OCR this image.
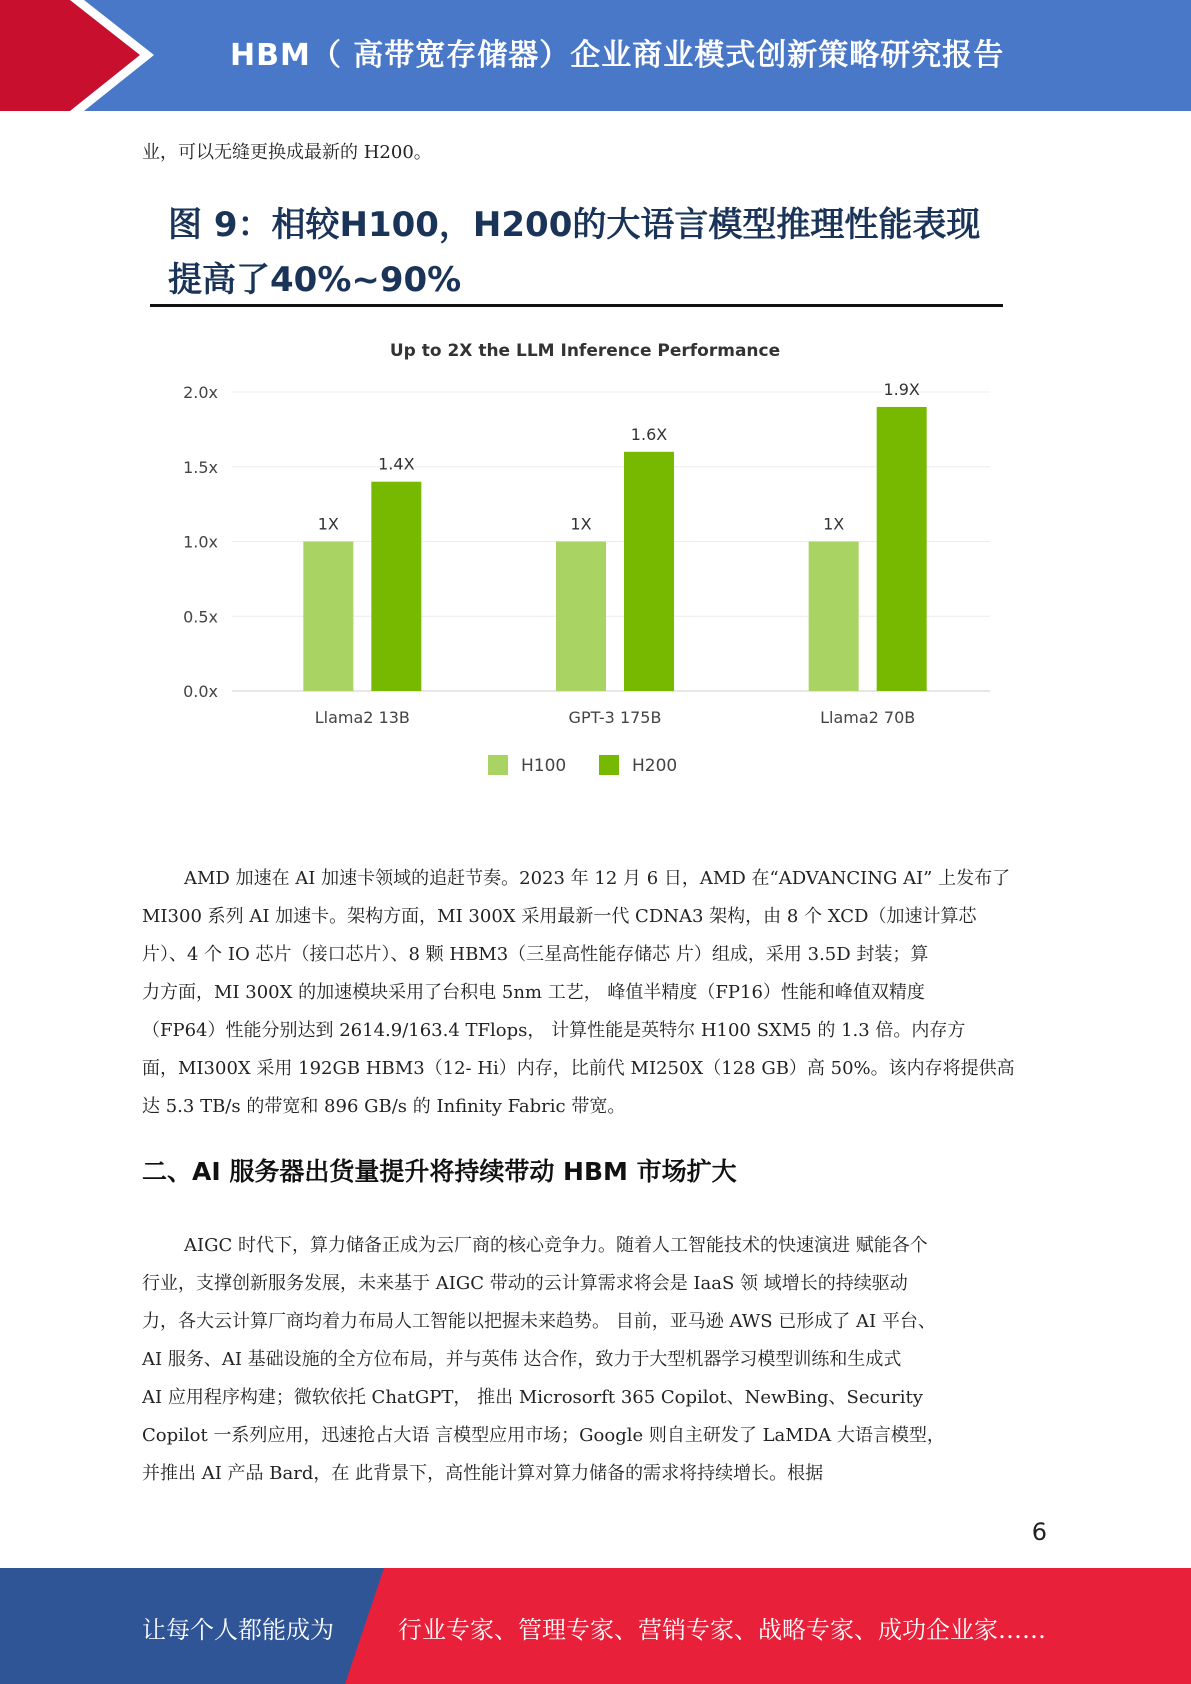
HBM（ 高带宽存储器）企业商业模式创新策略研究报告

业，可以无缝更换成最新的 H200。

图 9：相较H100，H200的大语言模型推理性能表现
提高了40%~90%
Up to 2X the LLM Inference Performance
0.0x
0.5x
1.0x
1.5x
2.0x
1X
1.4X
Llama2 13B
1X
1.6X
GPT-3 175B
1X
1.9X
Llama2 70B
H100	H200
AMD 加速在 AI 加速卡领域的追赶节奏。2023 年 12 月 6 日，AMD 在“ADVANCING AI” 上发布了
MI300 系列 AI 加速卡。架构方面，MI 300X 采用最新一代 CDNA3 架构，由 8 个 XCD（加速计算芯
片）、4 个 IO 芯片（接口芯片）、8 颗 HBM3（三星高性能存储芯 片）组成，采用 3.5D 封装；算
力方面，MI 300X 的加速模块采用了台积电 5nm 工艺， 峰值半精度（FP16）性能和峰值双精度
（FP64）性能分别达到 2614.9/163.4 TFlops， 计算性能是英特尔 H100 SXM5 的 1.3 倍。内存方
面，MI300X 采用 192GB HBM3（12- Hi）内存，比前代 MI250X（128 GB）高 50%。该内存将提供高
达 5.3 TB/s 的带宽和 896 GB/s 的 Infinity Fabric 带宽。
二、AI 服务器出货量提升将持续带动 HBM 市场扩大
AIGC 时代下，算力储备正成为云厂商的核心竞争力。随着人工智能技术的快速演进 赋能各个
行业，支撑创新服务发展，未来基于 AIGC 带动的云计算需求将会是 IaaS 领 域增长的持续驱动
力，各大云计算厂商均着力布局人工智能以把握未来趋势。 目前，亚马逊 AWS 已形成了 AI 平台、
AI 服务、AI 基础设施的全方位布局，并与英伟 达合作，致力于大型机器学习模型训练和生成式
AI 应用程序构建；微软依托 ChatGPT， 推出 Microsorft 365 Copilot、NewBing、Security
Copilot 一系列应用，迅速抢占大语 言模型应用市场；Google 则自主研发了 LaMDA 大语言模型，
并推出 AI 产品 Bard，在 此背景下，高性能计算对算力储备的需求将持续增长。根据
6
让每个人都能成为	行业专家、管理专家、营销专家、战略专家、成功企业家……
